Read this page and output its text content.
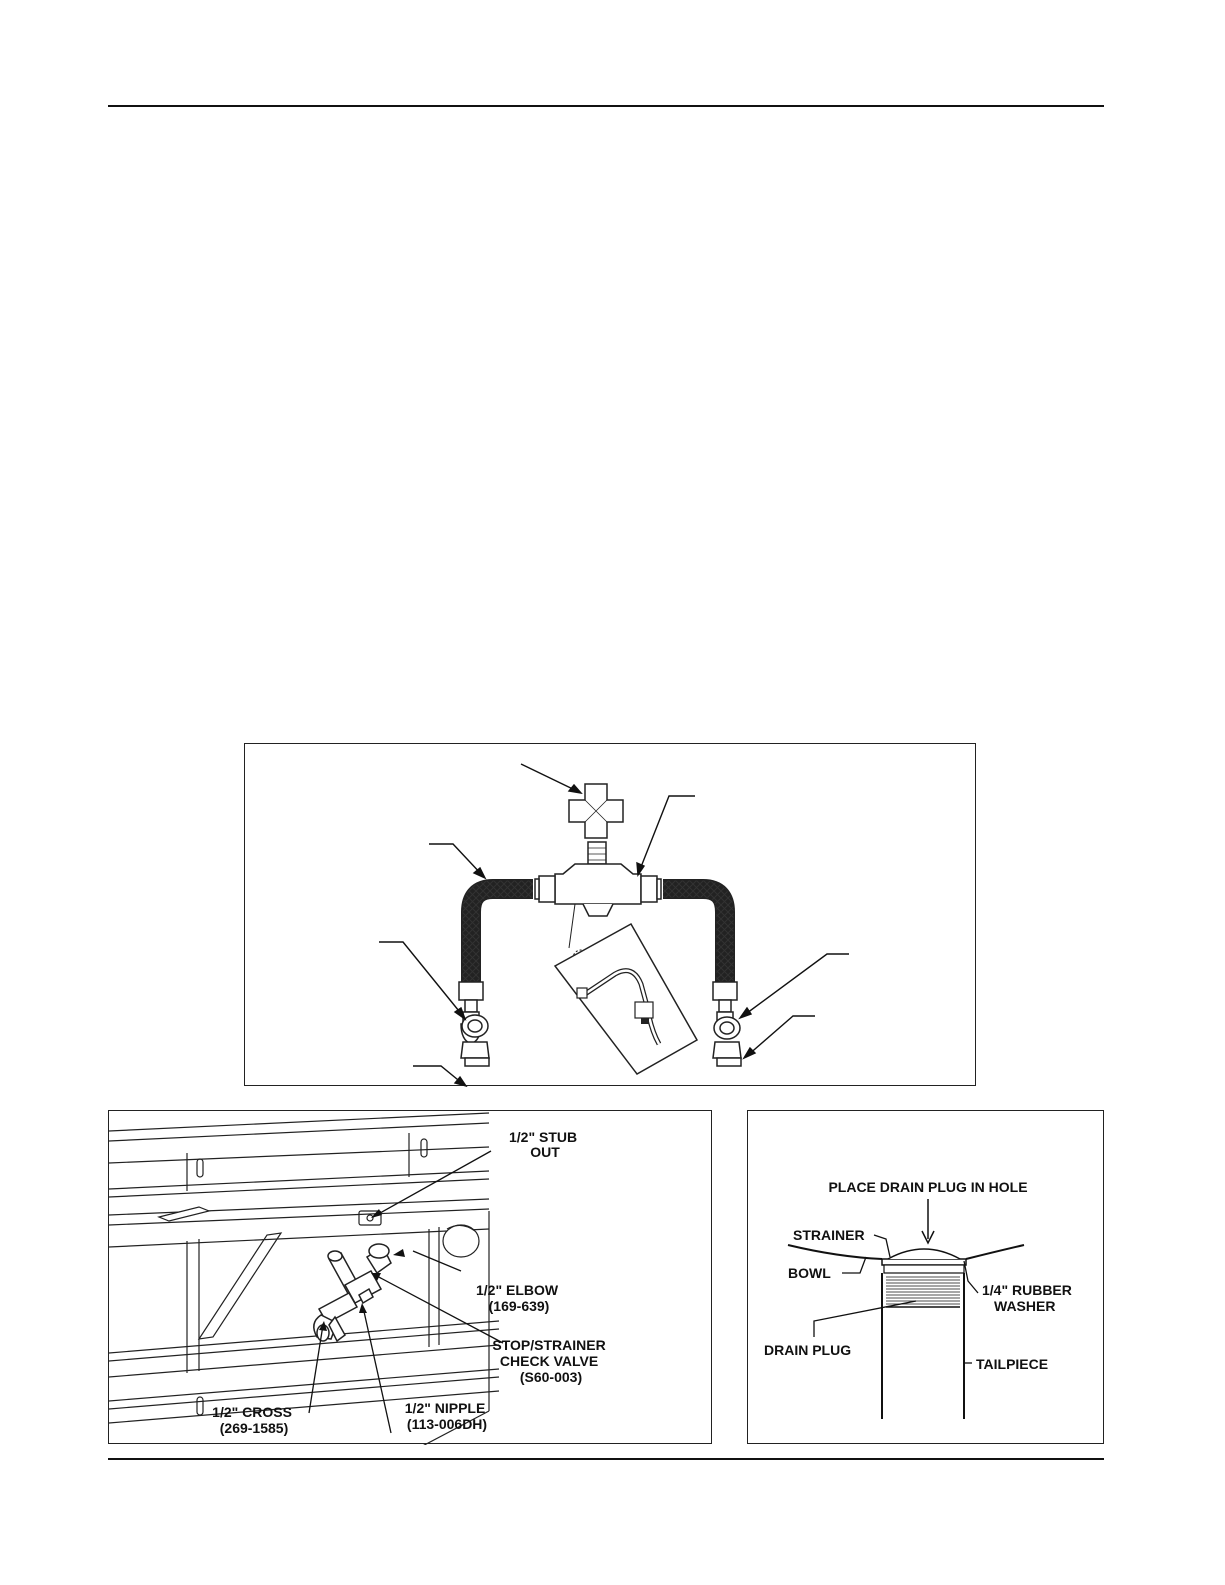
1/2" STUB OUT
1/2" ELBOW (169-639)
STOP/STRAINER CHECK VALVE (S60-003)
1/2" NIPPLE (113-006DH)
1/2" CROSS (269-1585)
PLACE DRAIN PLUG IN HOLE
STRAINER
BOWL
1/4" RUBBER WASHER
DRAIN PLUG
TAILPIECE
